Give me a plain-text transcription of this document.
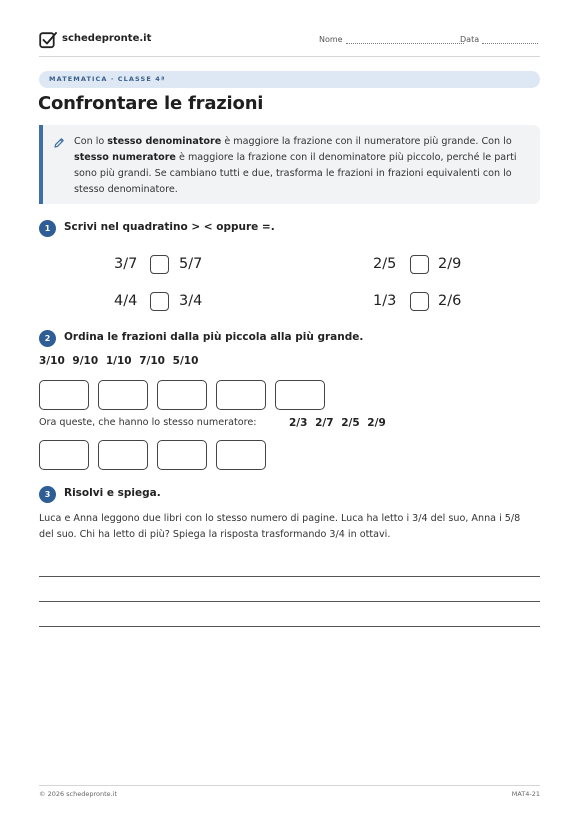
schedepronte.it	Nome	Data
MATEMATICA · CLASSE 4ª
Confrontare le frazioni
Con lo stesso denominatore è maggiore la frazione con il numeratore più grande. Con lo stesso numeratore è maggiore la frazione con il denominatore più piccolo, perché le parti sono più grandi. Se cambiano tutti e due, trasforma le frazioni in frazioni equivalenti con lo stesso denominatore.
1	Scrivi nel quadratino > < oppure =.
3/7	5/7	2/5	2/9
4/4	3/4	1/3	2/6
2	Ordina le frazioni dalla più piccola alla più grande.
3/10 9/10 1/10 7/10 5/10
Ora queste, che hanno lo stesso numeratore:	2/3 2/7 2/5 2/9
3	Risolvi e spiega.
Luca e Anna leggono due libri con lo stesso numero di pagine. Luca ha letto i 3/4 del suo, Anna i 5/8 del suo. Chi ha letto di più? Spiega la risposta trasformando 3/4 in ottavi.
© 2026 schedepronte.it	MAT4-21
